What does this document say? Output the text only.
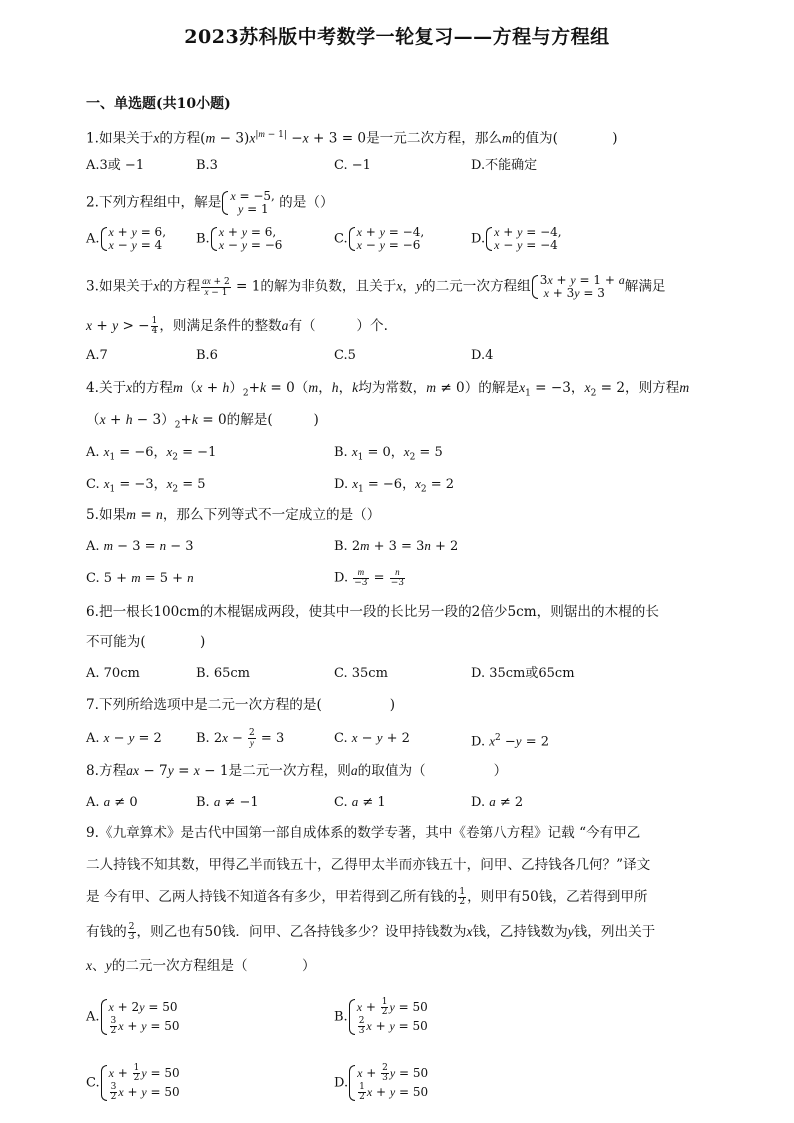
2023苏科版中考数学一轮复习——方程与方程组
一、单选题(共10小题)
1.如果关于x的方程$(m - 3)x^{|m - 1|} -x + 3 = 0$是一元二次方程，那么m的值为(　　　　)
A.3或 −1	B.3	C. −1	D.不能确定
2.下列方程组中，解是 x = −5,
y = 1 的是（）
A. x + y = 6,
x − y = 4	B. x + y = 6,
x − y = −6	C. x + y = −4,
x − y = −6	D. x + y = −4,
x − y = −4
3.如果关于x的方程 $\frac{ax + 2}{x - 1} = 1$的解为非负数，且关于x，y的二元一次方程组 3x + y = 1 + a
x + 3y = 3	解满足
x + y > − $\frac{1}{4}$ ，则满足条件的整数a有（　　　）个.
A.7	B.6	C.5	D.4
4.关于x的方程$m(x + h)_2+k = 0(m$，h，k均为常数，m ≠ 0）的解是$x_1 = -3$，$x_2 = 2$，则方程m
$(x + h - 3)_2+k = 0$的解是(　　　)
A. $x_1 = -6$，$x_2 = -1$	B. $x_1 = 0$，$x_2 = 5$
C. $x_1 = -3$，$x_2 = 5$	D. $x_1 = -6$，$x_2 = 2$
5.如果m = n，那么下列等式不一定成立的是（）
A. m − 3 = n − 3	B. 2m + 3 = 3n + 2
C. 5 + m = 5 + n	D. $\frac{m}{-3} = \frac{n}{-3}$
6.把一根长100cm的木棍锯成两段，使其中一段的长比另一段的2倍少5cm，则锯出的木棍的长
不可能为(　　　　)
A. 70cm	B. 65cm	C. 35cm	D. 35cm或65cm
7.下列所给选项中是二元一次方程的是(　　　　　)
A. x − y = 2	B. $2x - \frac{2}{y} = 3$	C. x − y + 2	D. $x^2 -y = 2$
8.方程ax − 7y = x − 1是二元一次方程，则a的取值为（　　　　　）
A. a ≠ 0	B. a ≠ −1	C. a ≠ 1	D. a ≠ 2
9.《九章算术》是古代中国第一部自成体系的数学专著，其中《卷第八方程》记载 “今有甲乙
二人持钱不知其数，甲得乙半而钱五十，乙得甲太半而亦钱五十，问甲、乙持钱各几何？”译文
是 今有甲、乙两人持钱不知道各有多少，甲若得到乙所有钱的 $\frac{1}{2}$ ，则甲有50钱，乙若得到甲所
有钱的 $\frac{2}{3}$ ，则乙也有50钱．问甲、乙各持钱多少？设甲持钱数为x钱，乙持钱数为y钱，列出关于
x、y的二元一次方程组是（　　　　）
A.
x + 2y = 50
$\frac{3}{2}$ x + y = 50
B.
$x + \frac{1}{2}$ y = 50
$\frac{2}{3}$ x + y = 50
C.
$x + \frac{1}{2}$ y = 50
$\frac{3}{2}$ x + y = 50
D.
$x + \frac{2}{3}$ y = 50
$\frac{1}{2}$ x + y = 50
